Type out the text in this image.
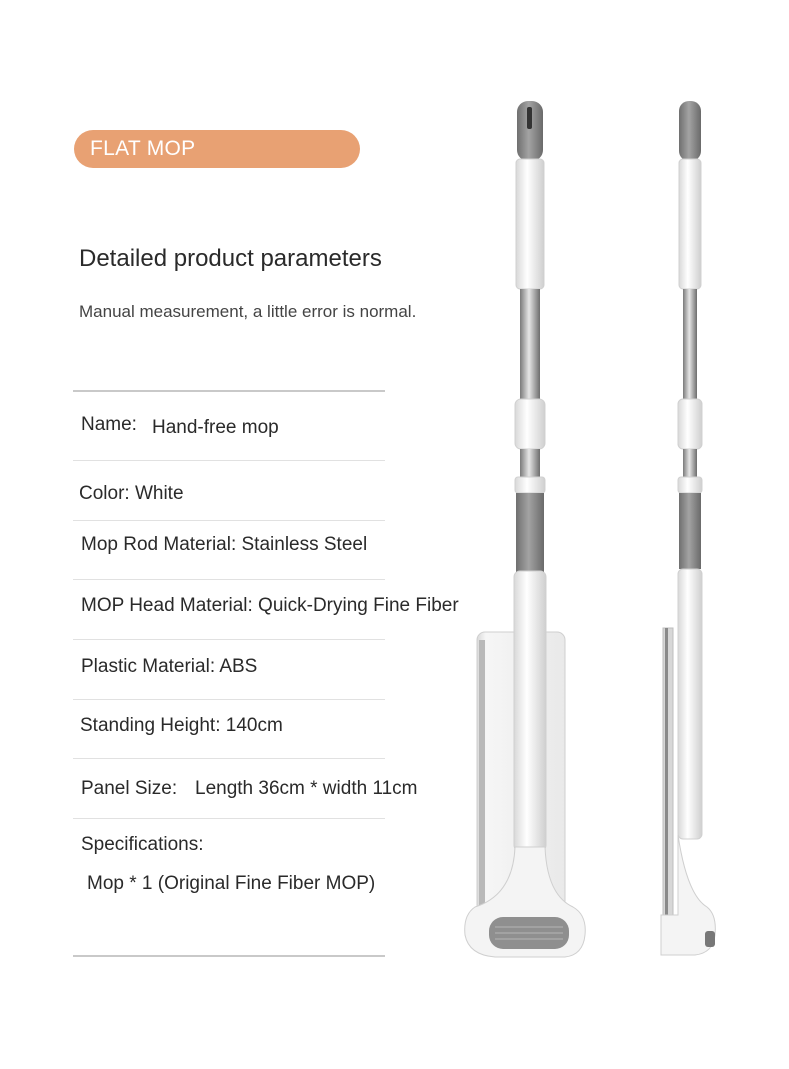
FLAT MOP
Detailed product parameters
Manual measurement, a little error is normal.
Name: Hand-free mop
Color: White
Mop Rod Material: Stainless Steel
MOP Head Material: Quick-Drying Fine Fiber
Plastic Material: ABS
Standing Height: 140cm
Panel Size: Length 36cm * width 11cm
Specifications:
Mop * 1 (Original Fine Fiber MOP)
